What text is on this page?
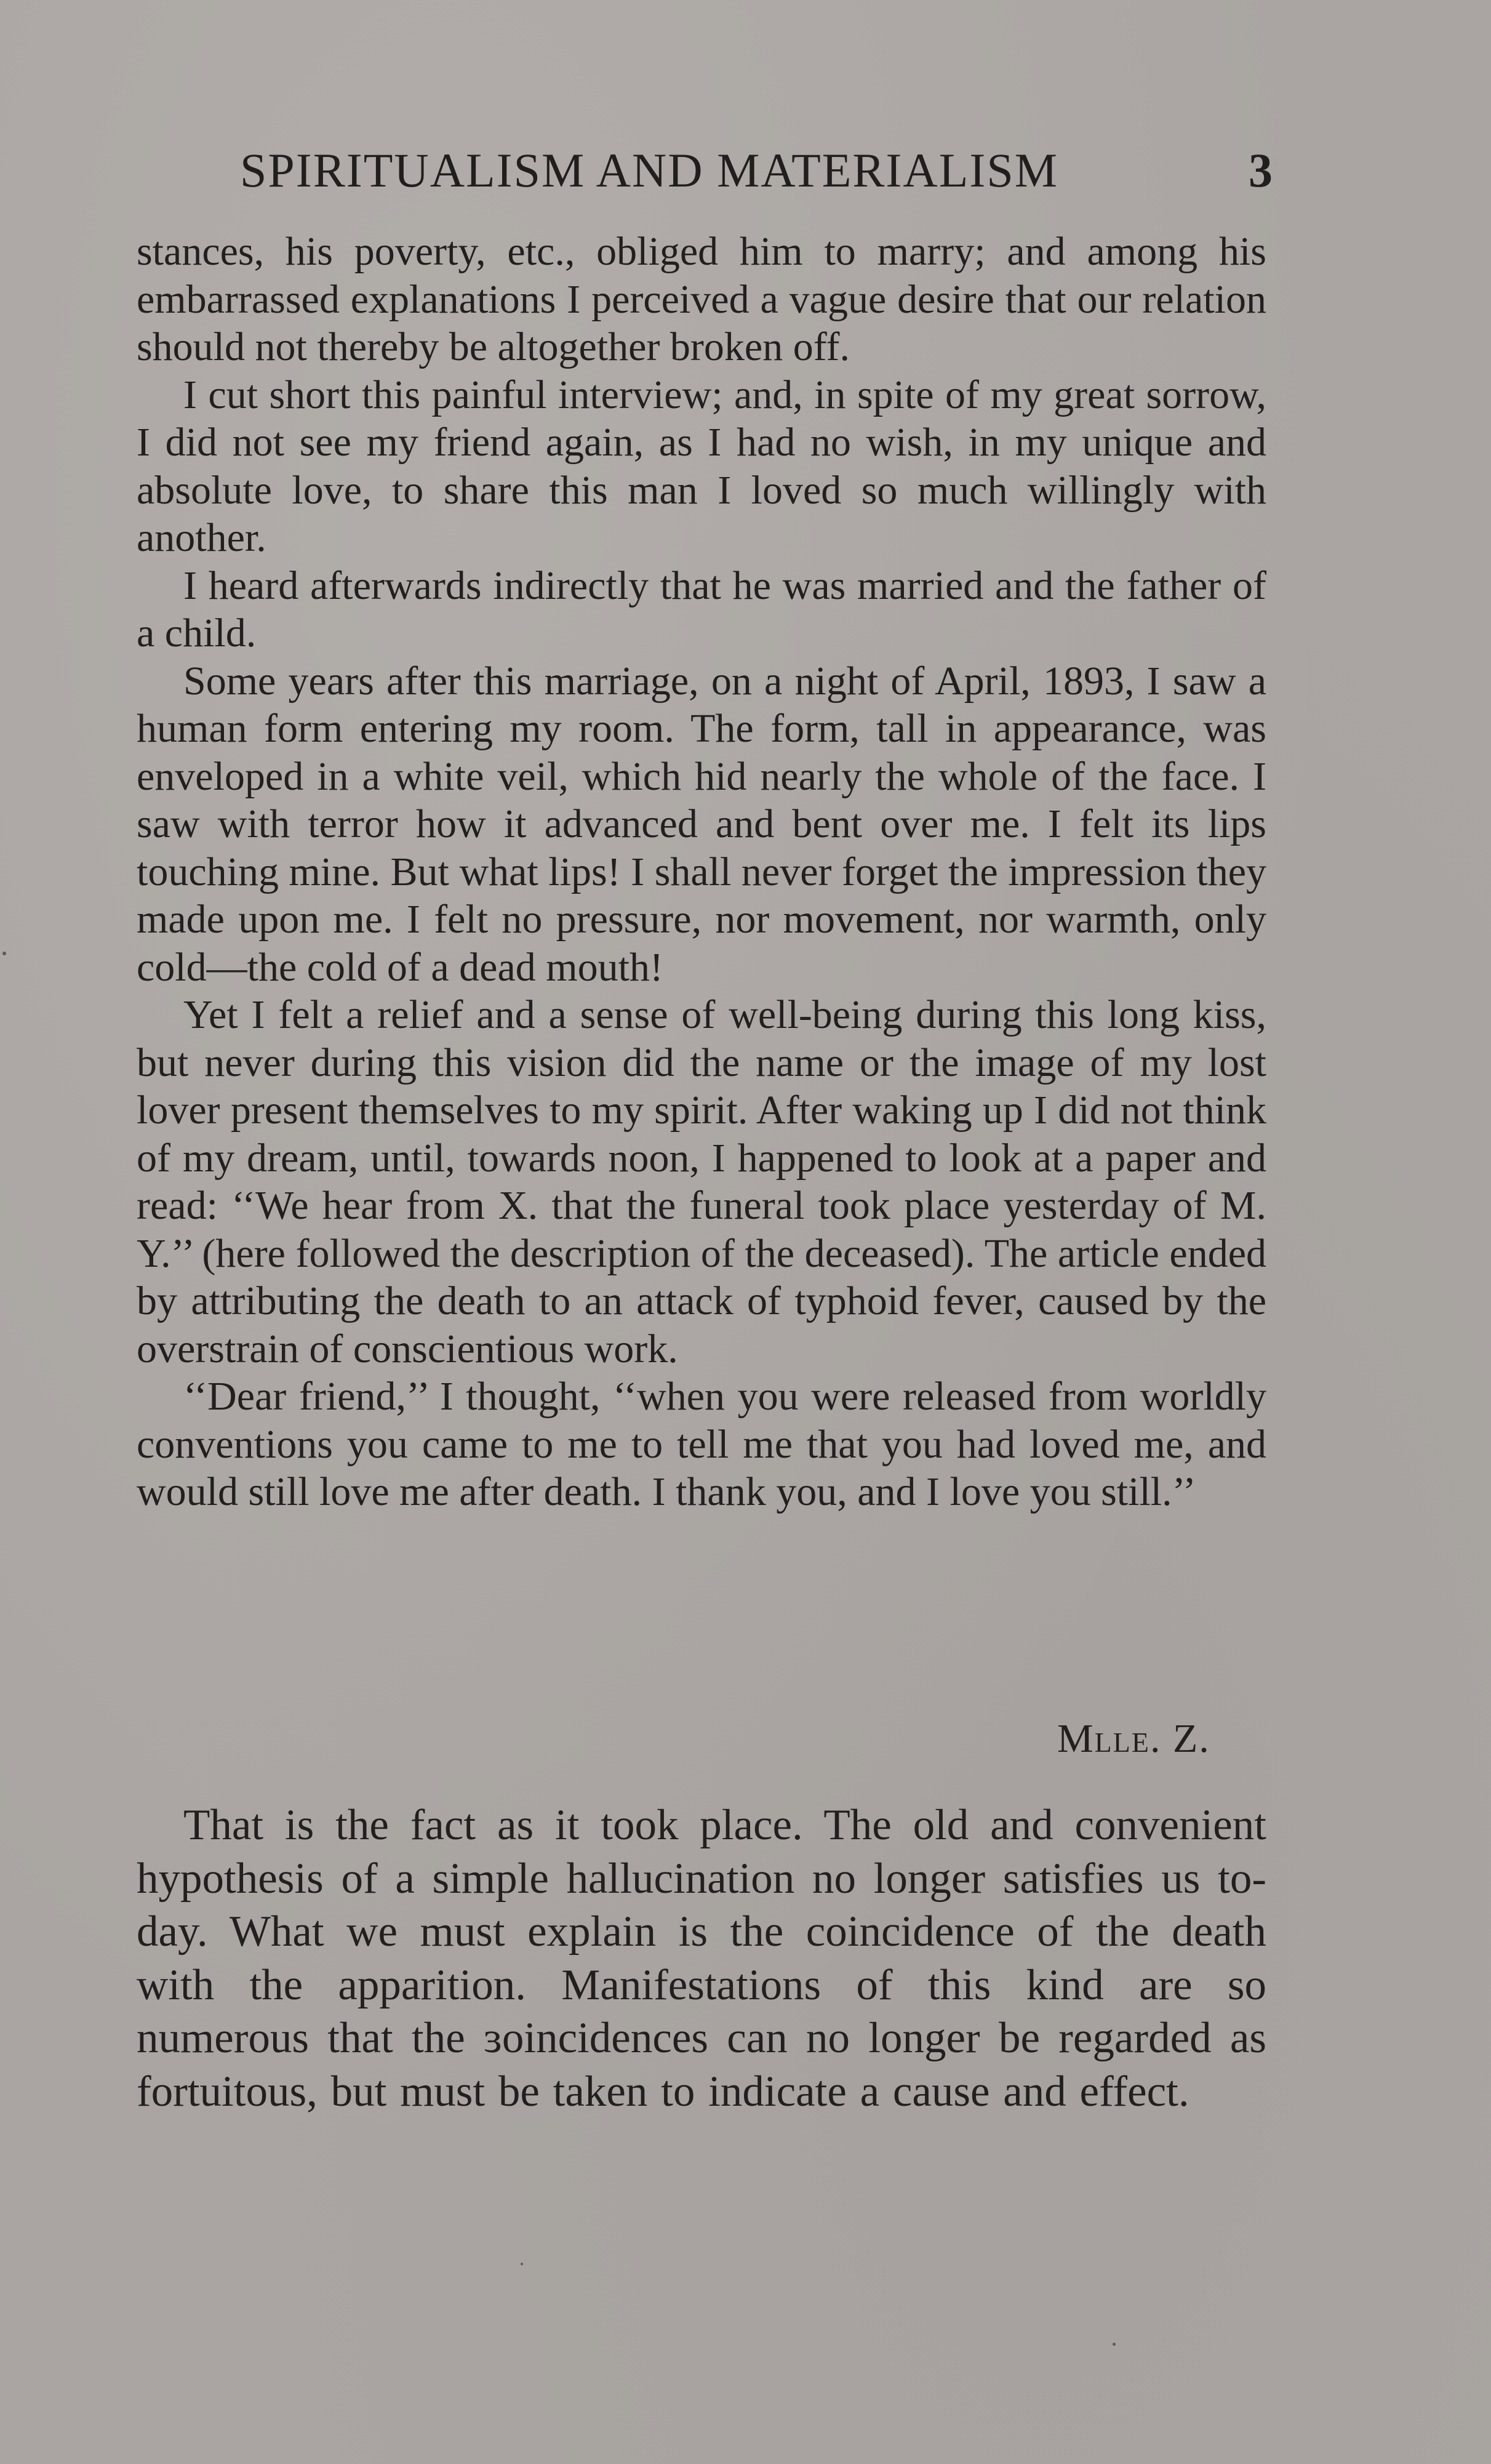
SPIRITUALISM AND MATERIALISM	3

stances, his poverty, etc., obliged him to marry; and among his embarrassed explanations I perceived a vague desire that our relation should not thereby be altogether broken off.

I cut short this painful interview; and, in spite of my great sorrow, I did not see my friend again, as I had no wish, in my unique and absolute love, to share this man I loved so much willingly with another.

I heard afterwards indirectly that he was married and the father of a child.

Some years after this marriage, on a night of April, 1893, I saw a human form entering my room. The form, tall in appearance, was enveloped in a white veil, which hid nearly the whole of the face. I saw with terror how it advanced and bent over me. I felt its lips touching mine. But what lips! I shall never forget the impression they made upon me. I felt no pressure, nor movement, nor warmth, only cold—the cold of a dead mouth!

Yet I felt a relief and a sense of well-being during this long kiss, but never during this vision did the name or the image of my lost lover present themselves to my spirit. After waking up I did not think of my dream, until, towards noon, I happened to look at a paper and read: ‘‘We hear from X. that the funeral took place yesterday of M. Y.’’ (here followed the description of the deceased). The article ended by attributing the death to an attack of typhoid fever, caused by the overstrain of conscientious work.

‘‘Dear friend,’’ I thought, ‘‘when you were released from worldly conventions you came to me to tell me that you had loved me, and would still love me after death. I thank you, and I love you still.’’

Mlle. Z.

That is the fact as it took place. The old and convenient hypothesis of a simple hallucination no longer satisfies us to-day. What we must explain is the coincidence of the death with the apparition. Manifestations of this kind are so numerous that the ɜoincidences can no longer be regarded as fortuitous, but must be taken to indicate a cause and effect.
